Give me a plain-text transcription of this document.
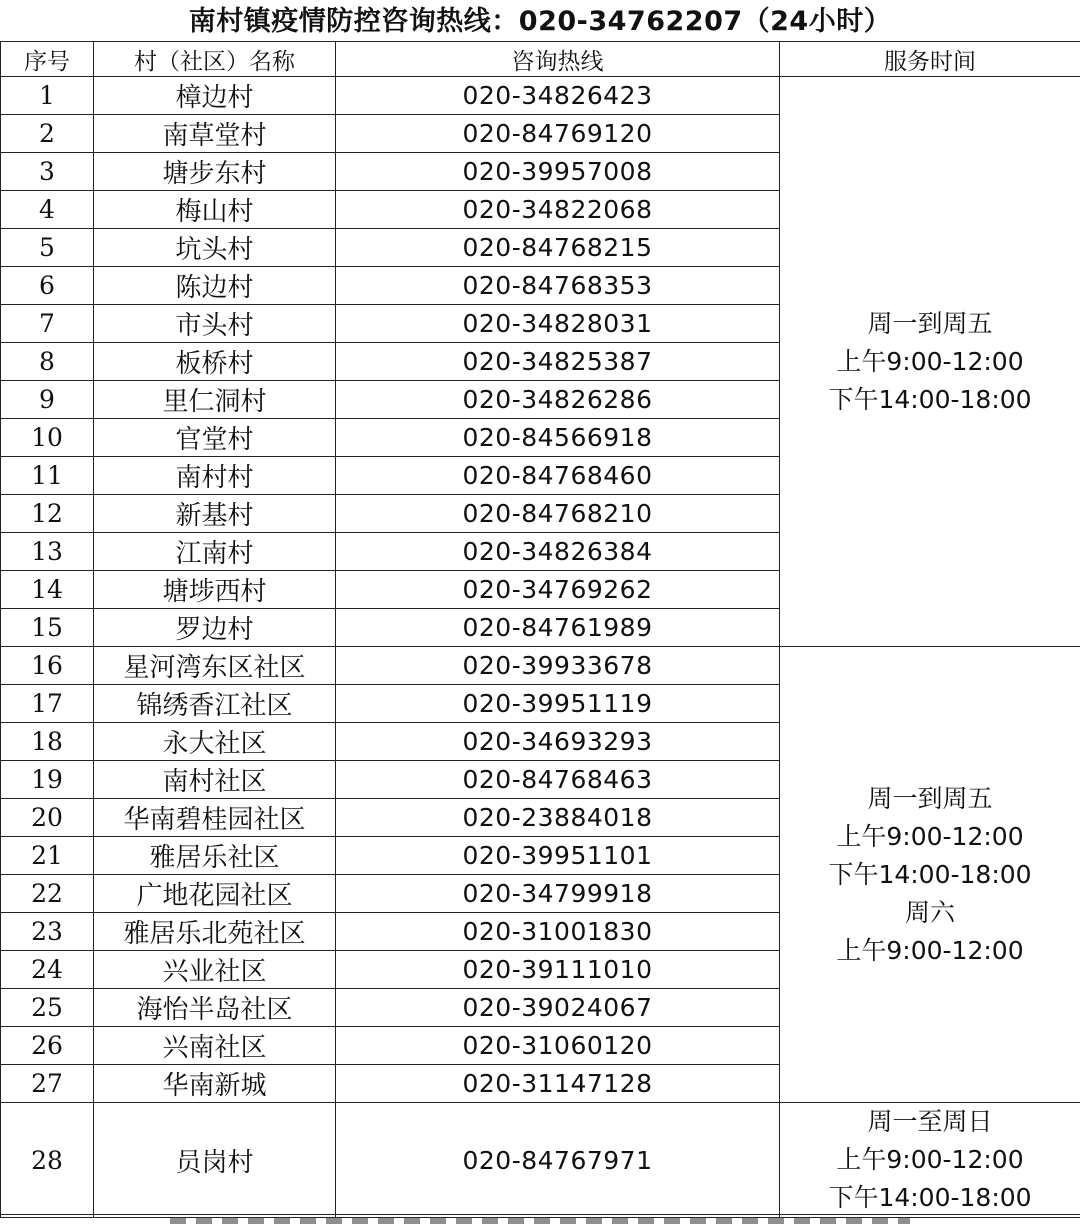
南村镇疫情防控咨询热线：020-34762207（24小时）
序号	村（社区）名称	咨询热线	服务时间
1	樟边村	020-34826423	周一到周五
上午9:00-12:00
下午14:00-18:00

2	南草堂村	020-84769120	
3	塘步东村	020-39957008	
4	梅山村	020-34822068	
5	坑头村	020-84768215	
6	陈边村	020-84768353	
7	市头村	020-34828031	
8	板桥村	020-34825387	
9	里仁洞村	020-34826286	
10	官堂村	020-84566918	
11	南村村	020-84768460	
12	新基村	020-84768210	
13	江南村	020-34826384	
14	塘埗西村	020-34769262	
15	罗边村	020-84761989	
16	星河湾东区社区	020-39933678	周一到周五
上午9:00-12:00
下午14:00-18:00
周六
上午9:00-12:00

17	锦绣香江社区	020-39951119	
18	永大社区	020-34693293	
19	南村社区	020-84768463	
20	华南碧桂园社区	020-23884018	
21	雅居乐社区	020-39951101	
22	广地花园社区	020-34799918	
23	雅居乐北苑社区	020-31001830	
24	兴业社区	020-39111010	
25	海怡半岛社区	020-39024067	
26	兴南社区	020-31060120	
27	华南新城	020-31147128	
28	员岗村	020-84767971	周一至周日
上午9:00-12:00
下午14:00-18:00
